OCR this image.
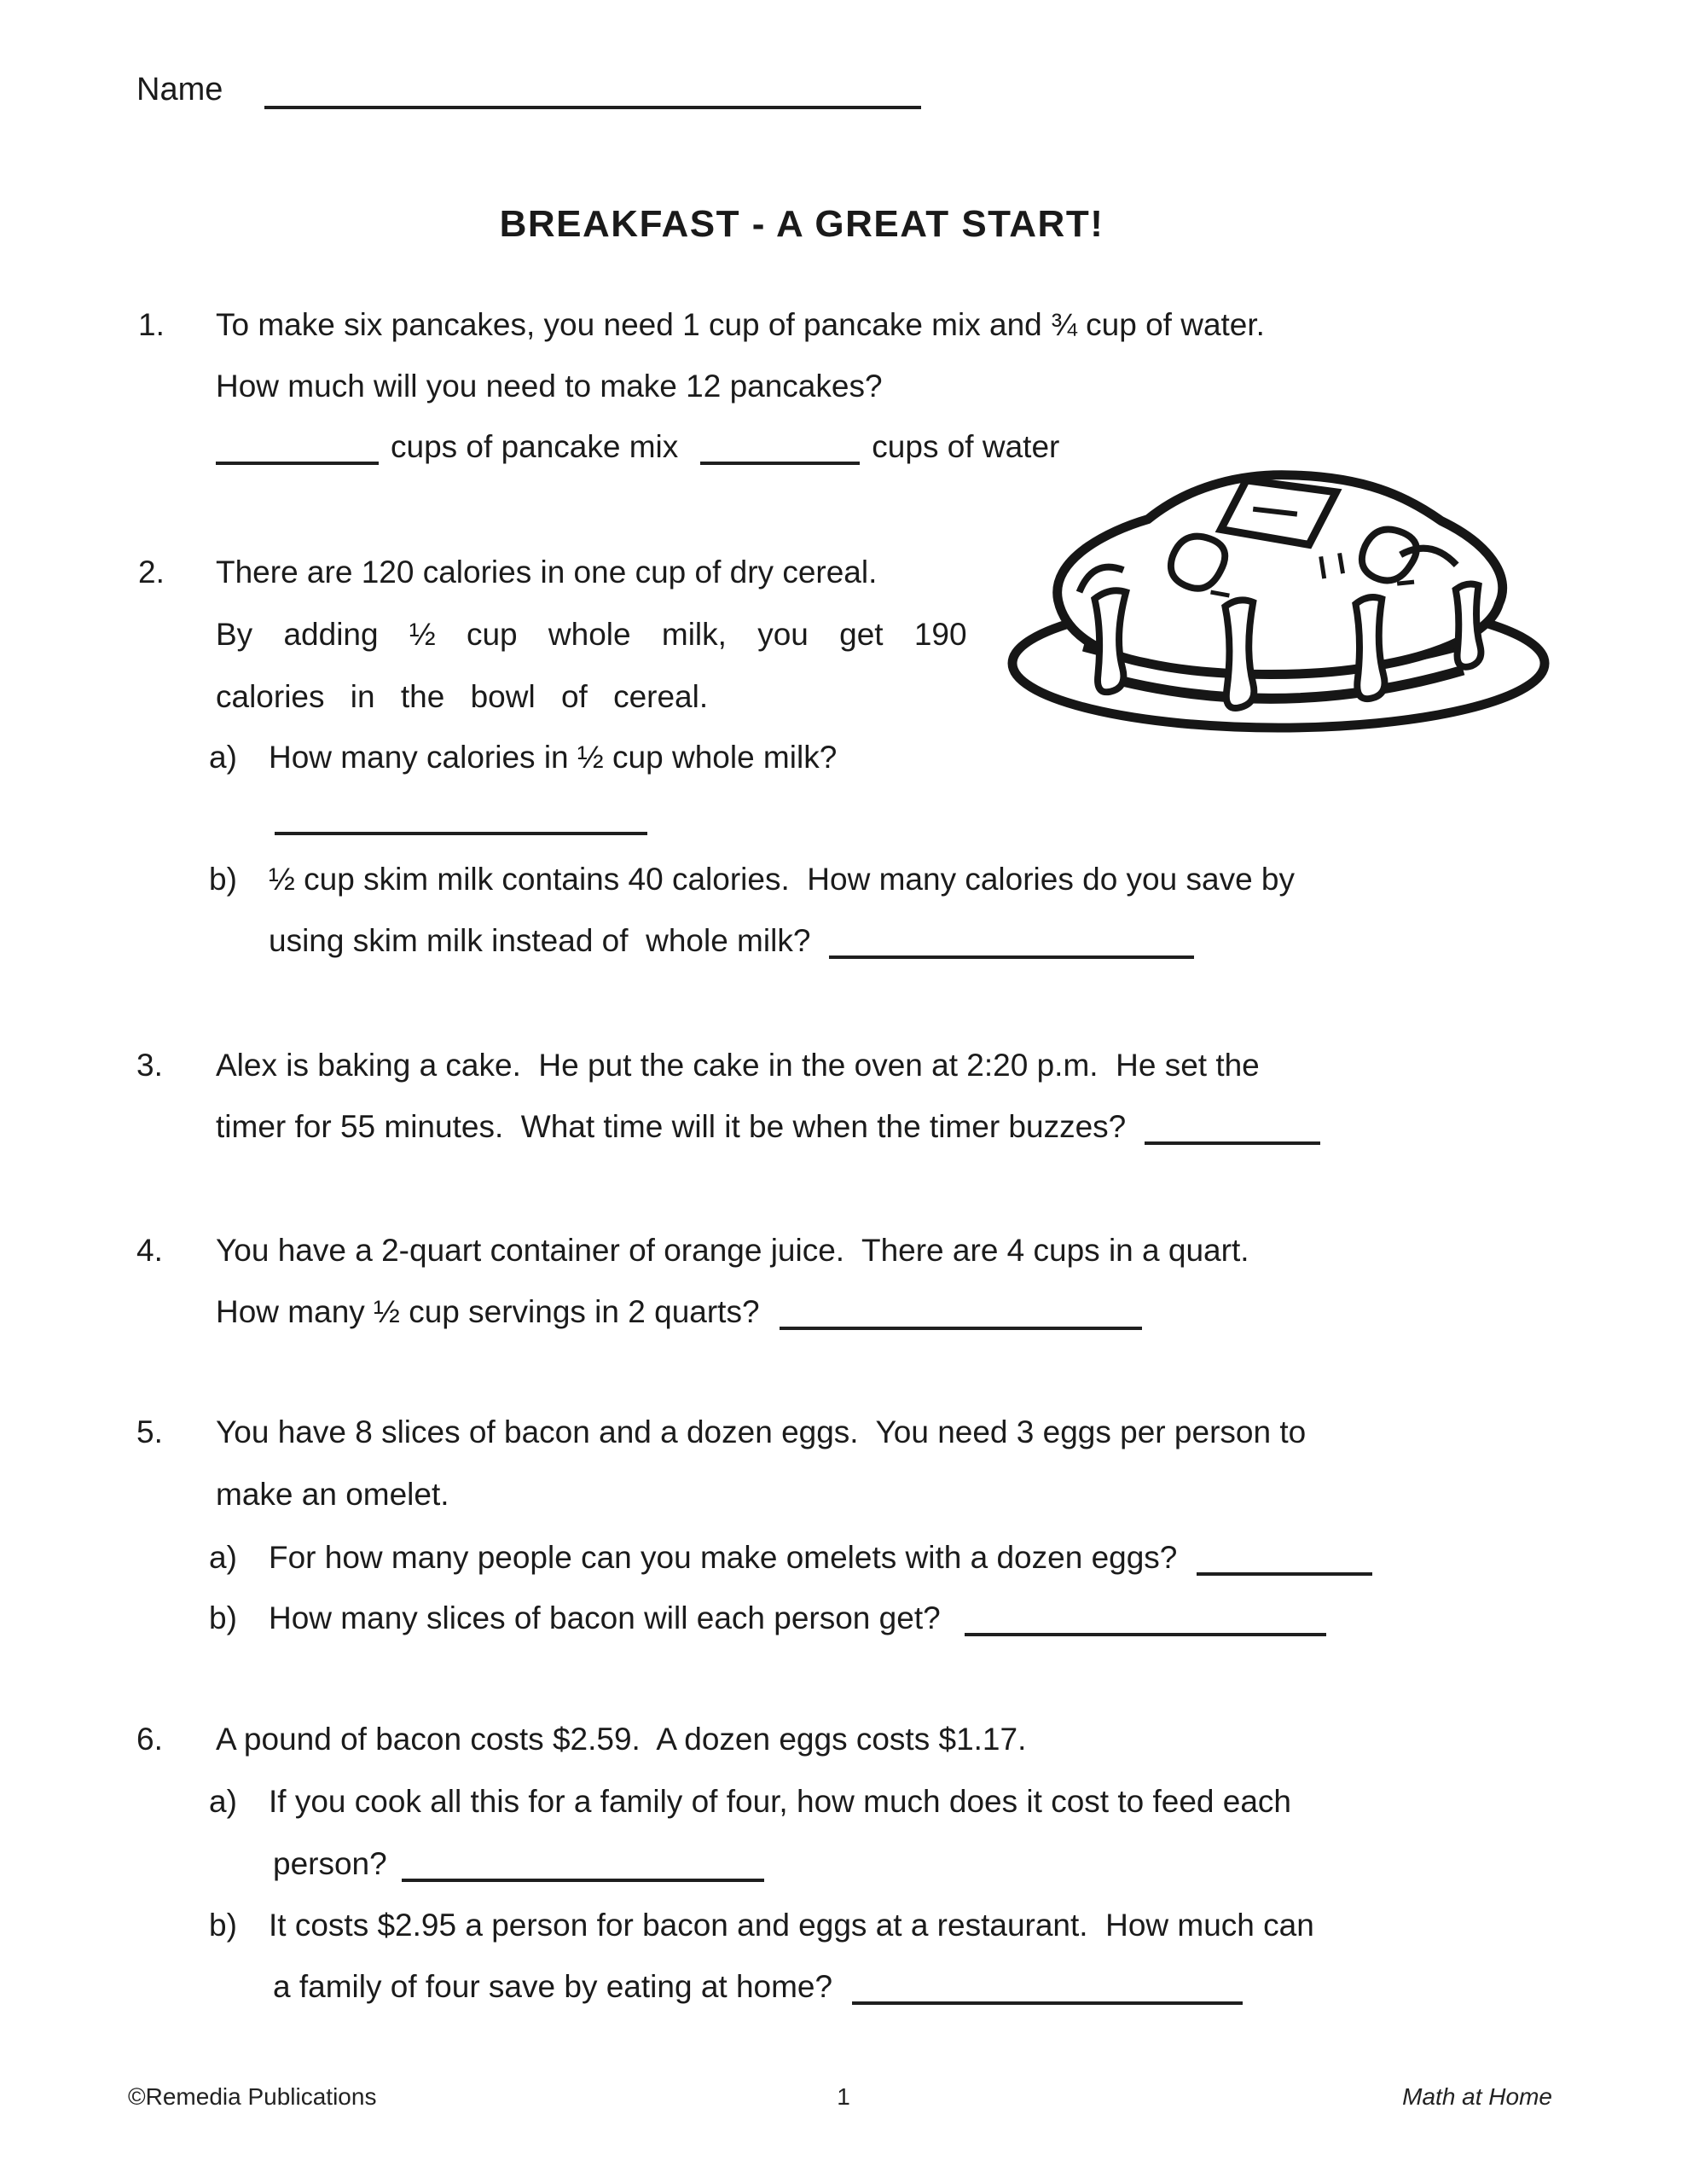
Name
BREAKFAST - A GREAT START!
1. To make six pancakes, you need 1 cup of pancake mix and ¾ cup of water.
How much will you need to make 12 pancakes?
cups of pancake mix	cups of water
2. There are 120 calories in one cup of dry cereal.
By adding ½ cup whole milk, you get 190
calories in the bowl of cereal.
a) How many calories in ½ cup whole milk?
b) ½ cup skim milk contains 40 calories.  How many calories do you save by
using skim milk instead of  whole milk?
3. Alex is baking a cake.  He put the cake in the oven at 2:20 p.m.  He set the
timer for 55 minutes.  What time will it be when the timer buzzes?
4. You have a 2-quart container of orange juice.  There are 4 cups in a quart.
How many ½ cup servings in 2 quarts?
5. You have 8 slices of bacon and a dozen eggs.  You need 3 eggs per person to
make an omelet.
a) For how many people can you make omelets with a dozen eggs?
b) How many slices of bacon will each person get?
6. A pound of bacon costs $2.59.  A dozen eggs costs $1.17.
a) If you cook all this for a family of four, how much does it cost to feed each
person?
b) It costs $2.95 a person for bacon and eggs at a restaurant.  How much can
a family of four save by eating at home?
©Remedia Publications	1	Math at Home
